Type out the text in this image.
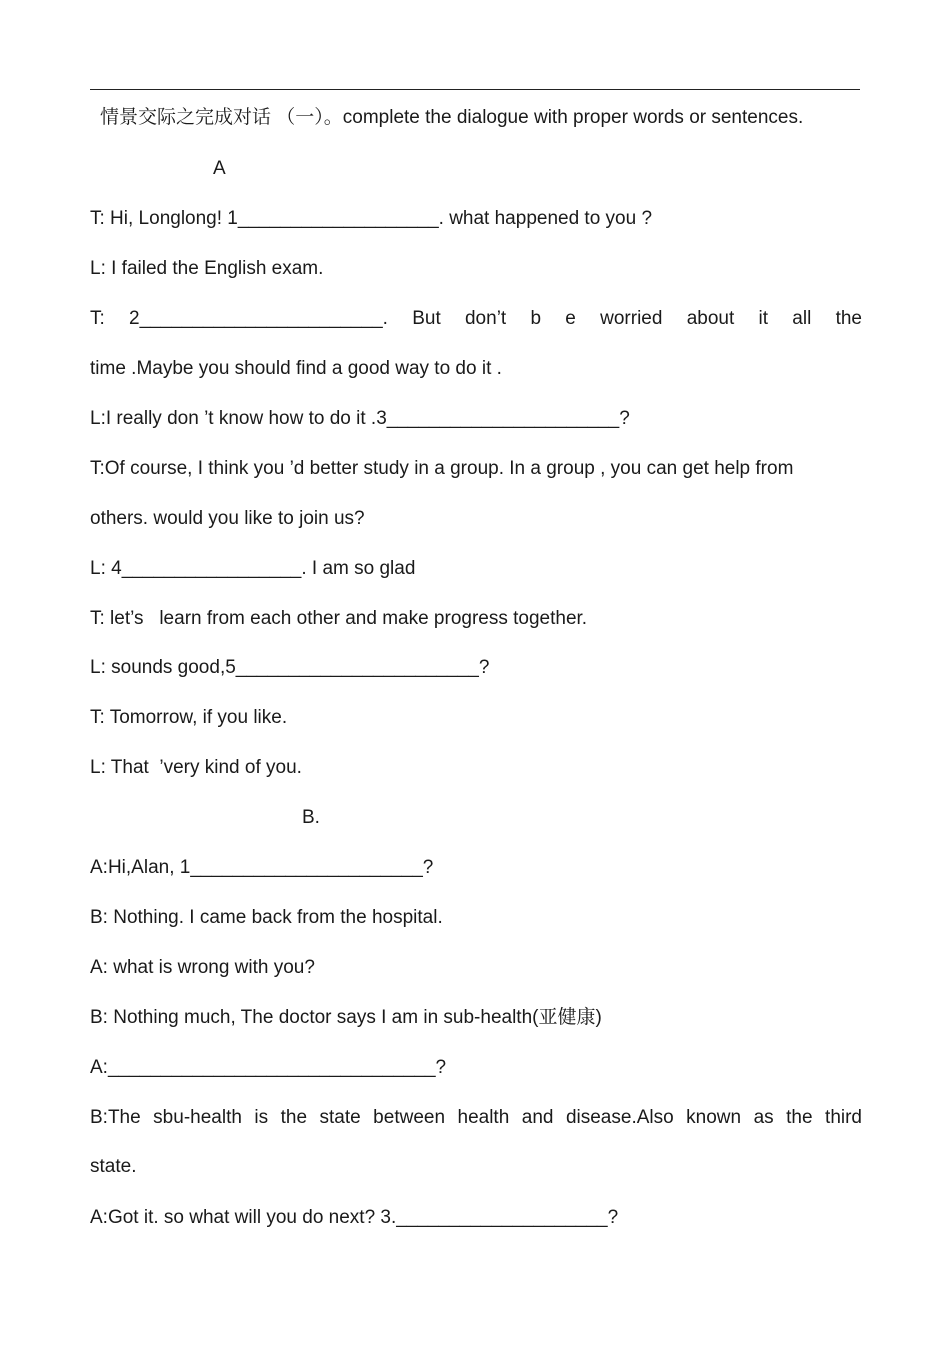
情景交际之完成对话 （一）。complete the dialogue with proper words or sentences.
A
T: Hi, Longlong! 1___________________. what happened to you ?
L: I failed the English exam.
T: 2_______________________. But don’t b e worried about it all the
time .Maybe you should find a good way to do it .
L:I really don ’t know how to do it .3______________________?
T:Of course, I think you ’d better study in a group. In a group , you can get help from
others. would you like to join us?
L: 4_________________. I am so glad
T: let’s   learn from each other and make progress together.
L: sounds good,5_______________________?
T: Tomorrow, if you like.
L: That  ’very kind of you.
B.
A:Hi,Alan, 1______________________?
B: Nothing. I came back from the hospital.
A: what is wrong with you?
B: Nothing much, The doctor says I am in sub-health(亚健康)
A:_______________________________?
B:The sbu-health is the state between health and disease.Also known as the third
state.
A:Got it. so what will you do next? 3.____________________?
